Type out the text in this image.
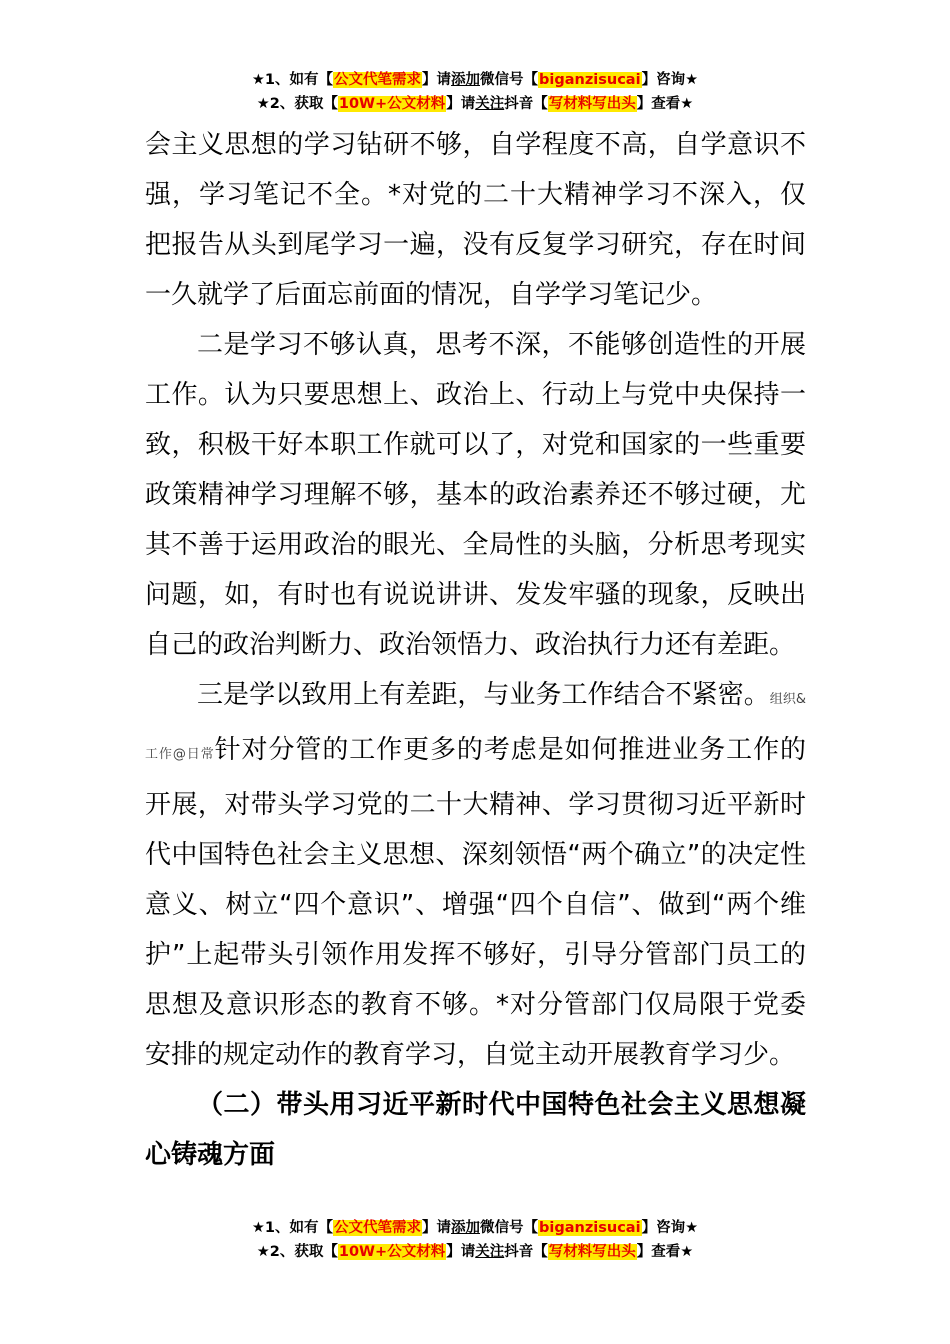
★1、如有【公文代笔需求】请添加微信号【biganzisucai】咨询★
★2、获取【10W+公文材料】请关注抖音【写材料写出头】查看★

会主义思想的学习钻研不够，自学程度不高，自学意识不强，学习笔记不全。*对党的二十大精神学习不深入，仅把报告从头到尾学习一遍，没有反复学习研究，存在时间一久就学了后面忘前面的情况，自学学习笔记少。

二是学习不够认真，思考不深，不能够创造性的开展工作。认为只要思想上、政治上、行动上与党中央保持一致，积极干好本职工作就可以了，对党和国家的一些重要政策精神学习理解不够，基本的政治素养还不够过硬，尤其不善于运用政治的眼光、全局性的头脑，分析思考现实问题，如，有时也有说说讲讲、发发牢骚的现象，反映出自己的政治判断力、政治领悟力、政治执行力还有差距。

三是学以致用上有差距，与业务工作结合不紧密。组织&工作@日常针对分管的工作更多的考虑是如何推进业务工作的开展，对带头学习党的二十大精神、学习贯彻习近平新时代中国特色社会主义思想、深刻领悟“两个确立”的决定性意义、树立“四个意识”、增强“四个自信”、做到“两个维护”上起带头引领作用发挥不够好，引导分管部门员工的思想及意识形态的教育不够。*对分管部门仅局限于党委安排的规定动作的教育学习，自觉主动开展教育学习少。

（二）带头用习近平新时代中国特色社会主义思想凝心铸魂方面

★1、如有【公文代笔需求】请添加微信号【biganzisucai】咨询★
★2、获取【10W+公文材料】请关注抖音【写材料写出头】查看★
